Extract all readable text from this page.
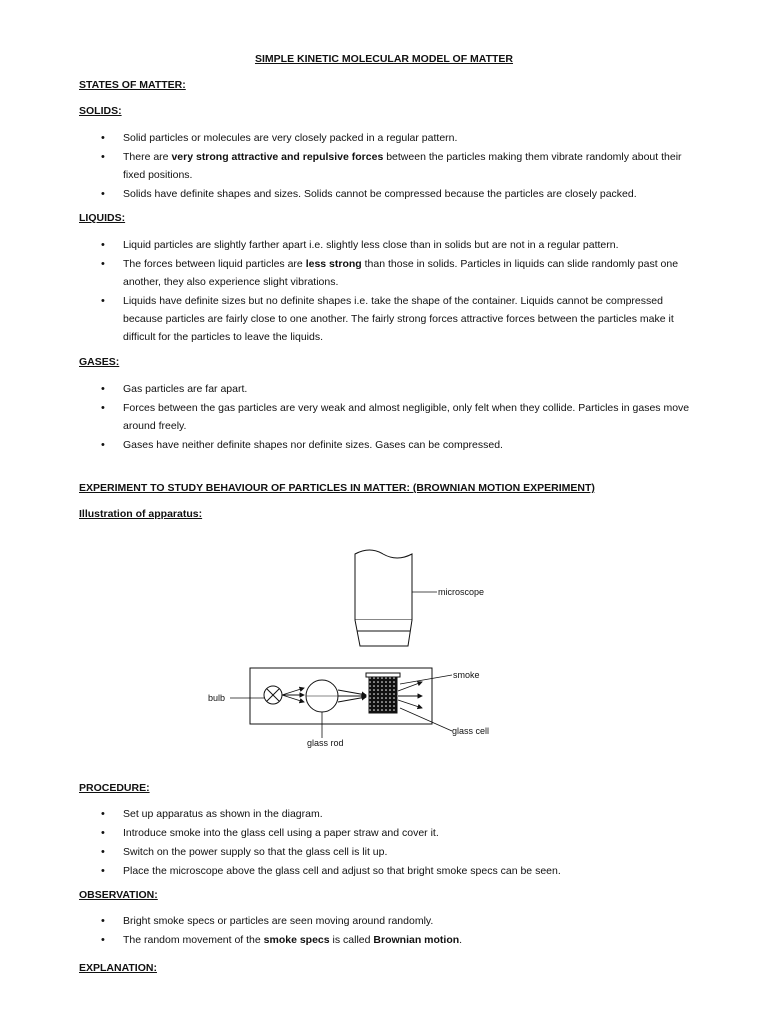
SIMPLE KINETIC MOLECULAR MODEL OF MATTER

STATES OF MATTER:

SOLIDS:

• Solid particles or molecules are very closely packed in a regular pattern.
• There are very strong attractive and repulsive forces between the particles making them vibrate randomly about their fixed positions.
• Solids have definite shapes and sizes. Solids cannot be compressed because the particles are closely packed.

LIQUIDS:

• Liquid particles are slightly farther apart i.e. slightly less close than in solids but are not in a regular pattern.
• The forces between liquid particles are less strong than those in solids. Particles in liquids can slide randomly past one another, they also experience slight vibrations.
• Liquids have definite sizes but no definite shapes i.e. take the shape of the container. Liquids cannot be compressed because particles are fairly close to one another. The fairly strong forces attractive forces between the particles make it difficult for the particles to leave the liquids.

GASES:

• Gas particles are far apart.
• Forces between the gas particles are very weak and almost negligible, only felt when they collide. Particles in gases move around freely.
• Gases have neither definite shapes nor definite sizes. Gases can be compressed.

EXPERIMENT TO STUDY BEHAVIOUR OF PARTICLES IN MATTER: (BROWNIAN MOTION EXPERIMENT)

Illustration of apparatus:

microscope
bulb
glass rod
smoke
glass cell

PROCEDURE:

• Set up apparatus as shown in the diagram.
• Introduce smoke into the glass cell using a paper straw and cover it.
• Switch on the power supply so that the glass cell is lit up.
• Place the microscope above the glass cell and adjust so that bright smoke specs can be seen.

OBSERVATION:

• Bright smoke specs or particles are seen moving around randomly.
• The random movement of the smoke specs is called Brownian motion.

EXPLANATION:
